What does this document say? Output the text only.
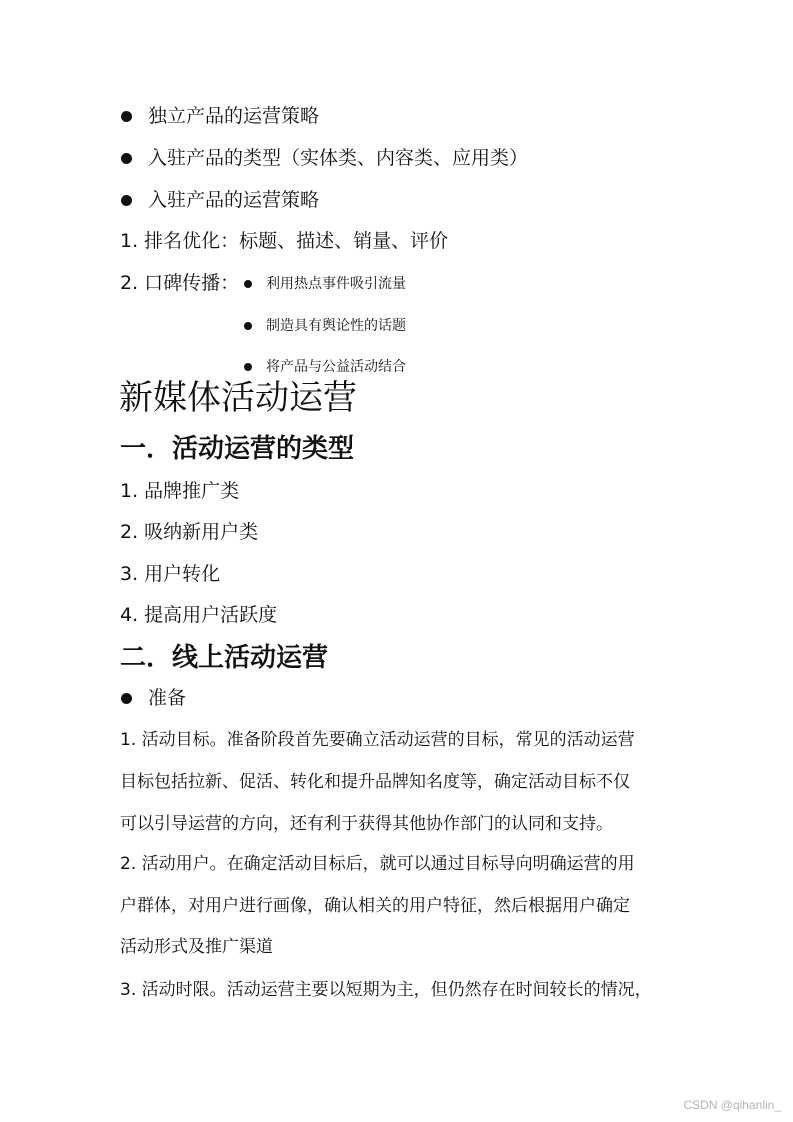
独立产品的运营策略
入驻产品的类型（实体类、内容类、应用类）
入驻产品的运营策略
1. 排名优化：标题、描述、销量、评价
2. 口碑传播： 利用热点事件吸引流量
制造具有舆论性的话题
将产品与公益活动结合
新媒体活动运营
一．活动运营的类型
1. 品牌推广类
2. 吸纳新用户类
3. 用户转化
4. 提高用户活跃度
二．线上活动运营
准备
1. 活动目标。准备阶段首先要确立活动运营的目标，常见的活动运营
目标包括拉新、促活、转化和提升品牌知名度等，确定活动目标不仅
可以引导运营的方向，还有利于获得其他协作部门的认同和支持。
2. 活动用户。在确定活动目标后，就可以通过目标导向明确运营的用
户群体，对用户进行画像，确认相关的用户特征，然后根据用户确定
活动形式及推广渠道
3. 活动时限。活动运营主要以短期为主，但仍然存在时间较长的情况，
CSDN @qihanlin_
